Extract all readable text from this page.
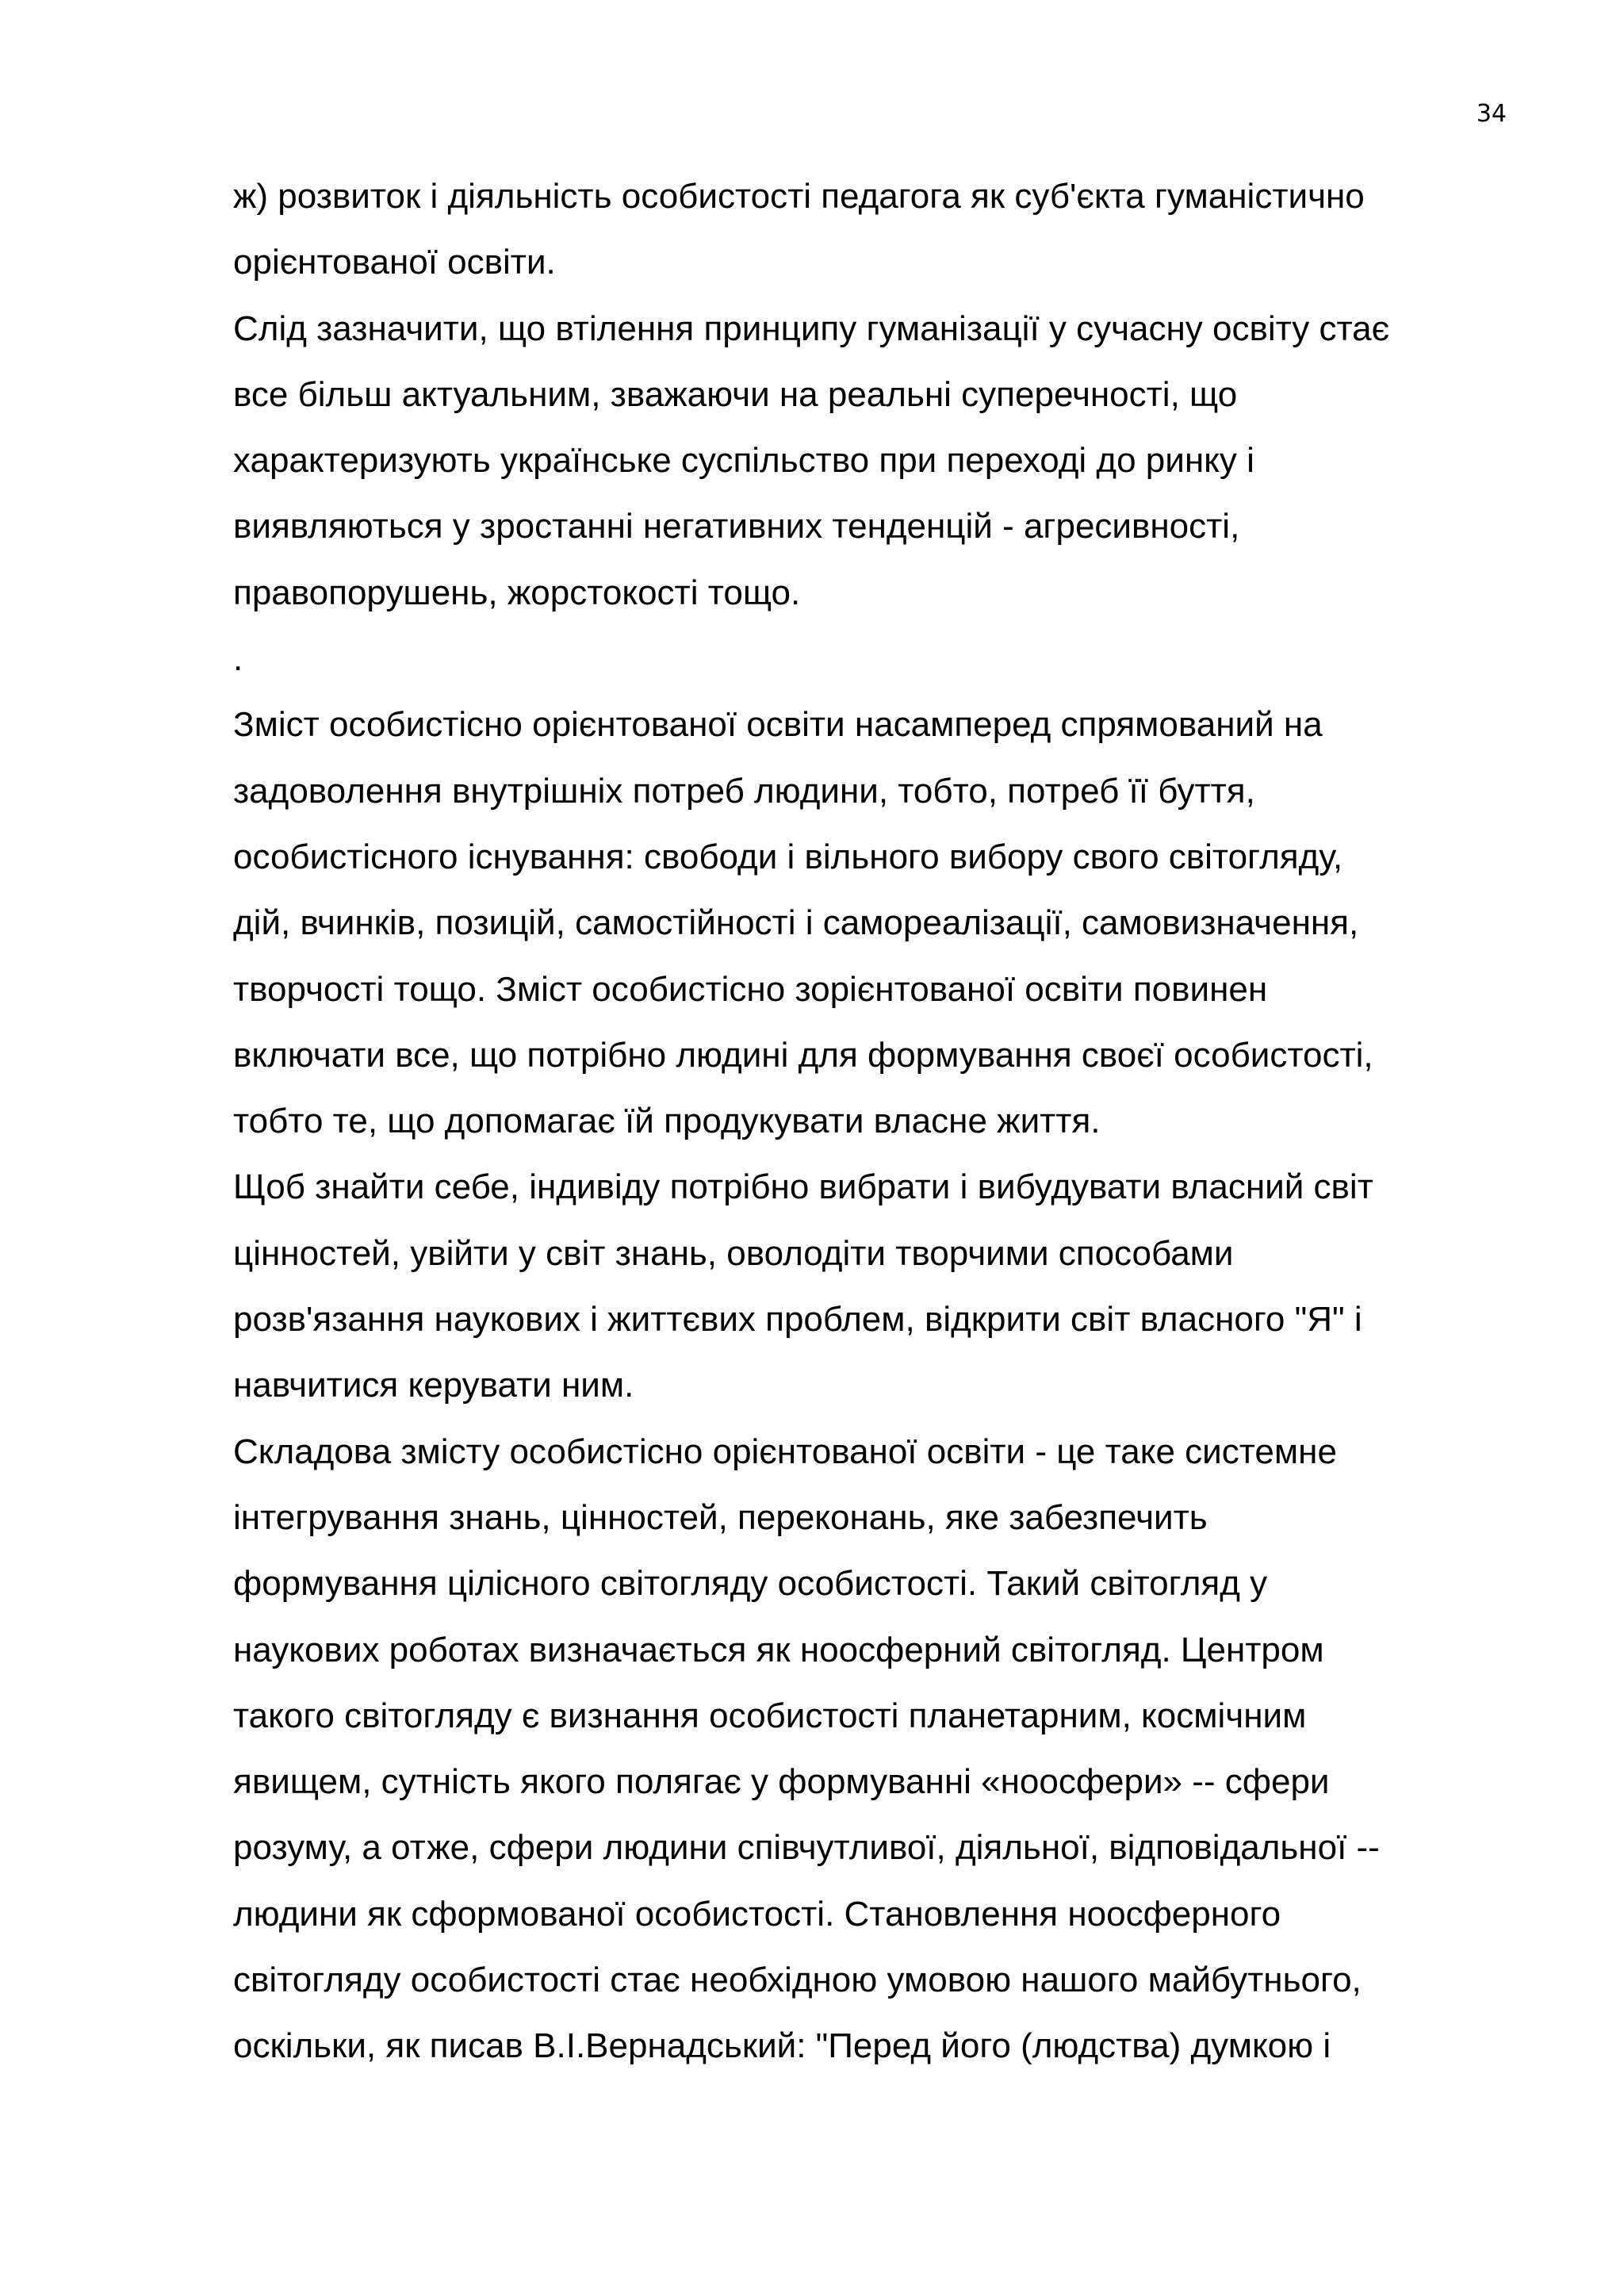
34
ж) розвиток і діяльність особистості педагога як суб'єкта гуманістично
орієнтованої освіти.
Слід зазначити, що втілення принципу гуманізації у сучасну освіту стає
все більш актуальним, зважаючи на реальні суперечності, що
характеризують українське суспільство при переході до ринку і
виявляються у зростанні негативних тенденцій - агресивності,
правопорушень, жорстокості тощо.
.
Зміст особистісно орієнтованої освіти насамперед спрямований на
задоволення внутрішніх потреб людини, тобто, потреб її буття,
особистісного існування: свободи і вільного вибору свого світогляду,
дій, вчинків, позицій, самостійності і самореалізації, самовизначення,
творчості тощо. Зміст особистісно зорієнтованої освіти повинен
включати все, що потрібно людині для формування своєї особистості,
тобто те, що допомагає їй продукувати власне життя.
Щоб знайти себе, індивіду потрібно вибрати і вибудувати власний світ
цінностей, увійти у світ знань, оволодіти творчими способами
розв'язання наукових і життєвих проблем, відкрити світ власного "Я" і
навчитися керувати ним.
Складова змісту особистісно орієнтованої освіти - це таке системне
інтегрування знань, цінностей, переконань, яке забезпечить
формування цілісного світогляду особистості. Такий світогляд у
наукових роботах визначається як ноосферний світогляд. Центром
такого світогляду є визнання особистості планетарним, космічним
явищем, сутність якого полягає у формуванні «ноосфери» -- сфери
розуму, а отже, сфери людини співчутливої, діяльної, відповідальної --
людини як сформованої особистості. Становлення ноосферного
світогляду особистості стає необхідною умовою нашого майбутнього,
оскільки, як писав В.І.Вернадський: "Перед його (людства) думкою і
